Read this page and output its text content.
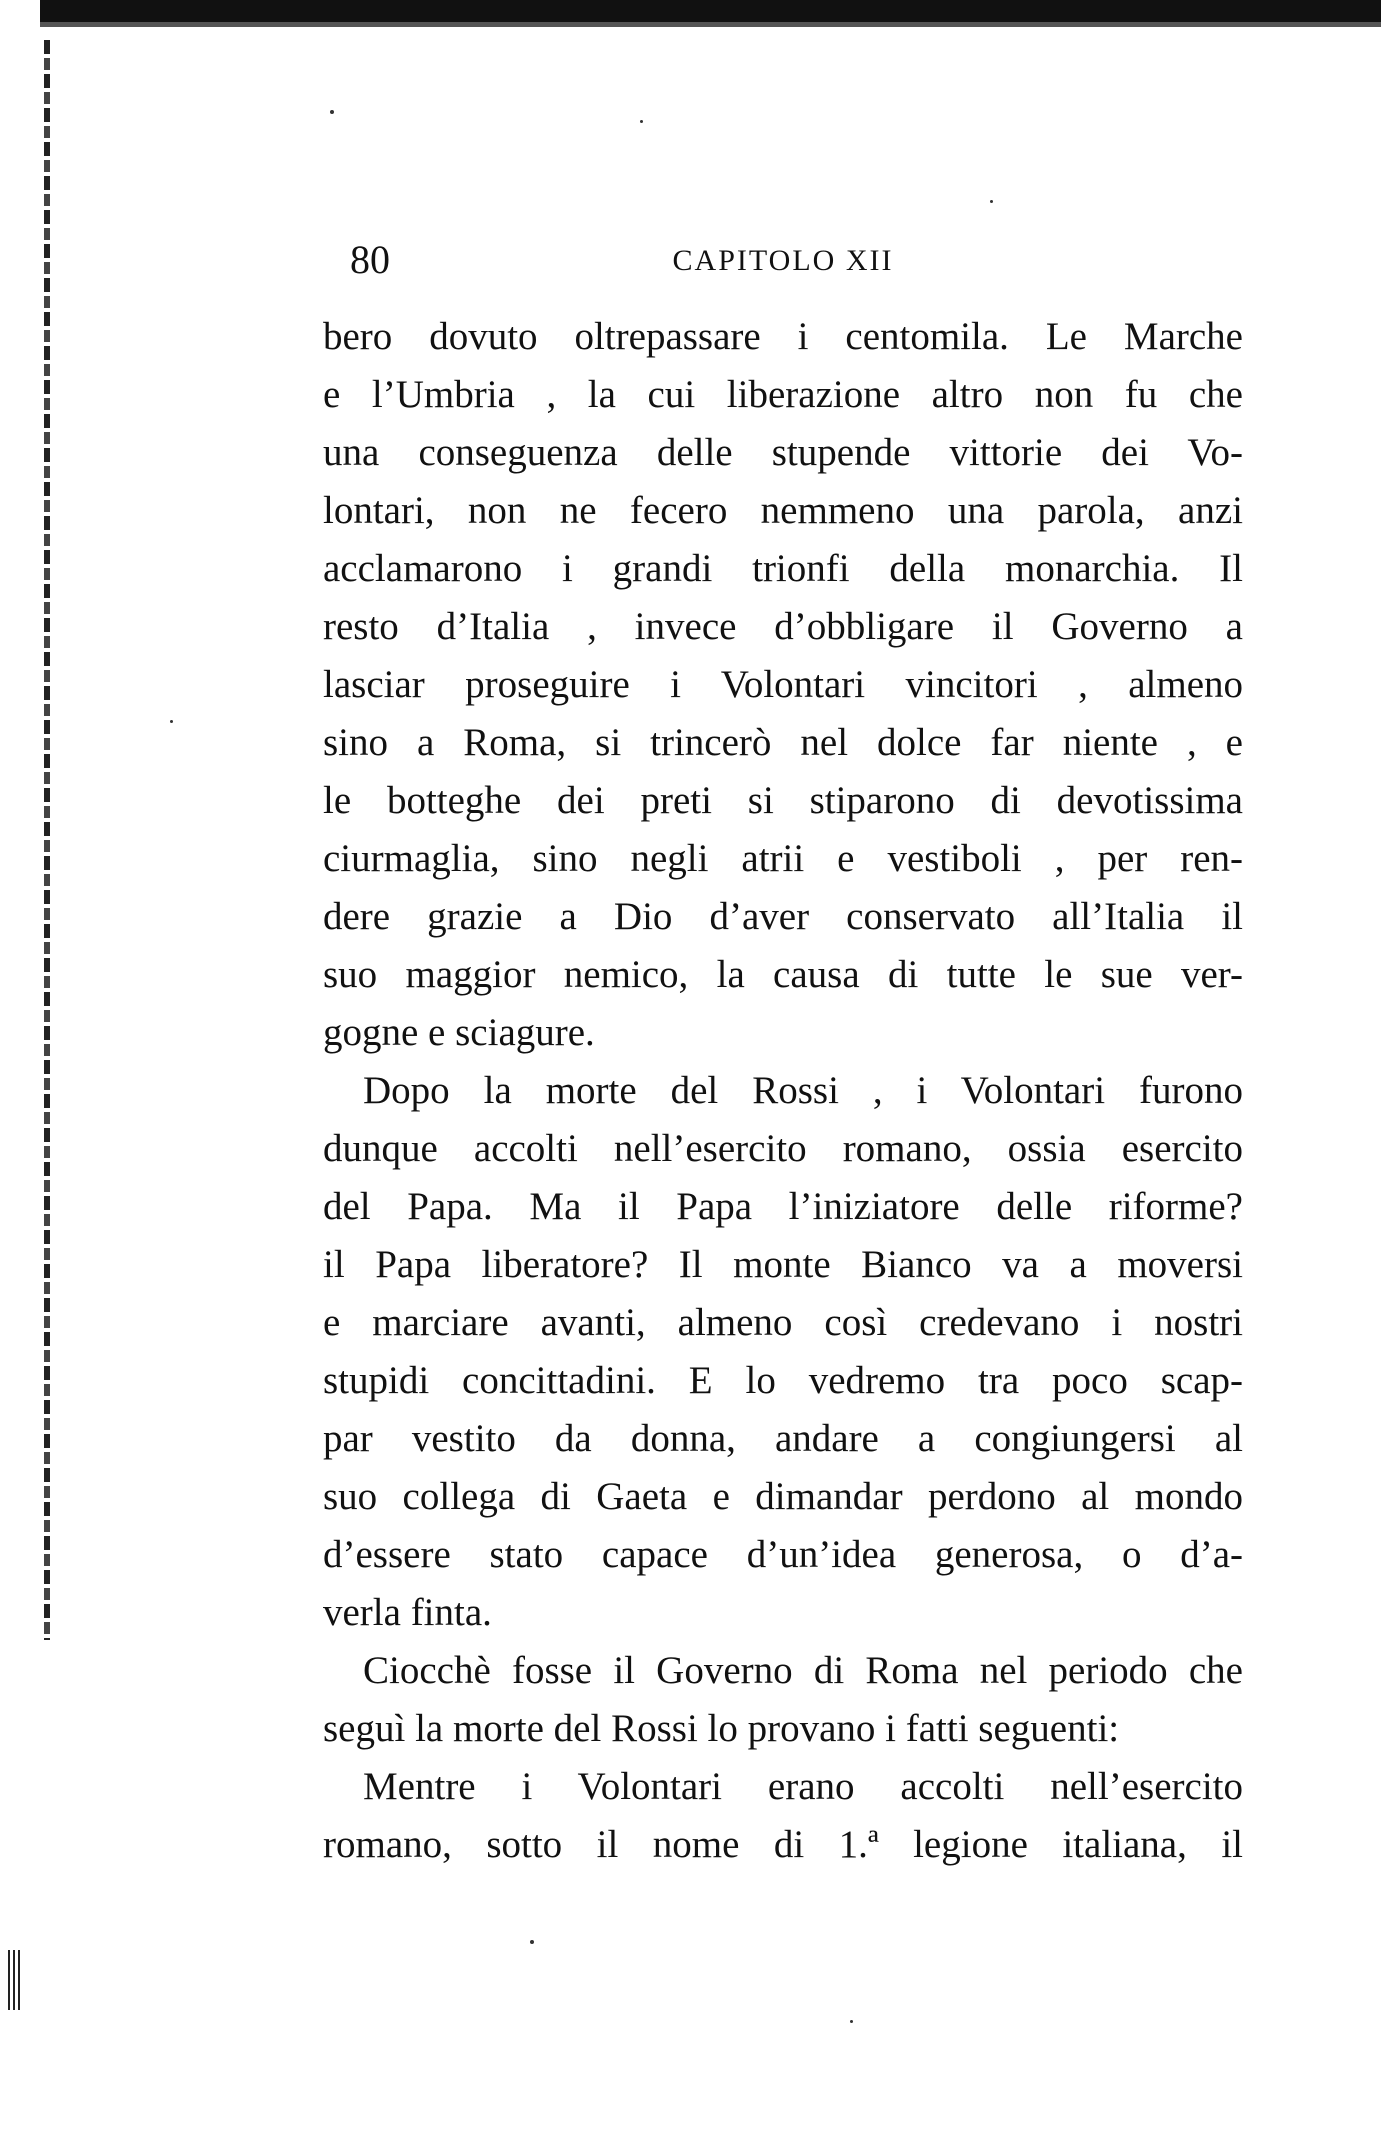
80	CAPITOLO XII
bero dovuto oltrepassare i centomila. Le Marche
e l’Umbria , la cui liberazione altro non fu che
una conseguenza delle stupende vittorie dei Vo-
lontari, non ne fecero nemmeno una parola, anzi
acclamarono i grandi trionfi della monarchia. Il
resto d’Italia , invece d’obbligare il Governo a
lasciar proseguire i Volontari vincitori , almeno
sino a Roma, si trincerò nel dolce far niente , e
le botteghe dei preti si stiparono di devotissima
ciurmaglia, sino negli atrii e vestiboli , per ren-
dere grazie a Dio d’aver conservato all’Italia il
suo maggior nemico, la causa di tutte le sue ver-
gogne e sciagure.
Dopo la morte del Rossi , i Volontari furono
dunque accolti nell’esercito romano, ossia esercito
del Papa. Ma il Papa l’iniziatore delle riforme?
il Papa liberatore? Il monte Bianco va a moversi
e marciare avanti, almeno così credevano i nostri
stupidi concittadini. E lo vedremo tra poco scap-
par vestito da donna, andare a congiungersi al
suo collega di Gaeta e dimandar perdono al mondo
d’essere stato capace d’un’idea generosa, o d’a-
verla finta.
Ciocchè fosse il Governo di Roma nel periodo che
seguì la morte del Rossi lo provano i fatti seguenti:
Mentre i Volontari erano accolti nell’esercito
romano, sotto il nome di 1.ª legione italiana, il
